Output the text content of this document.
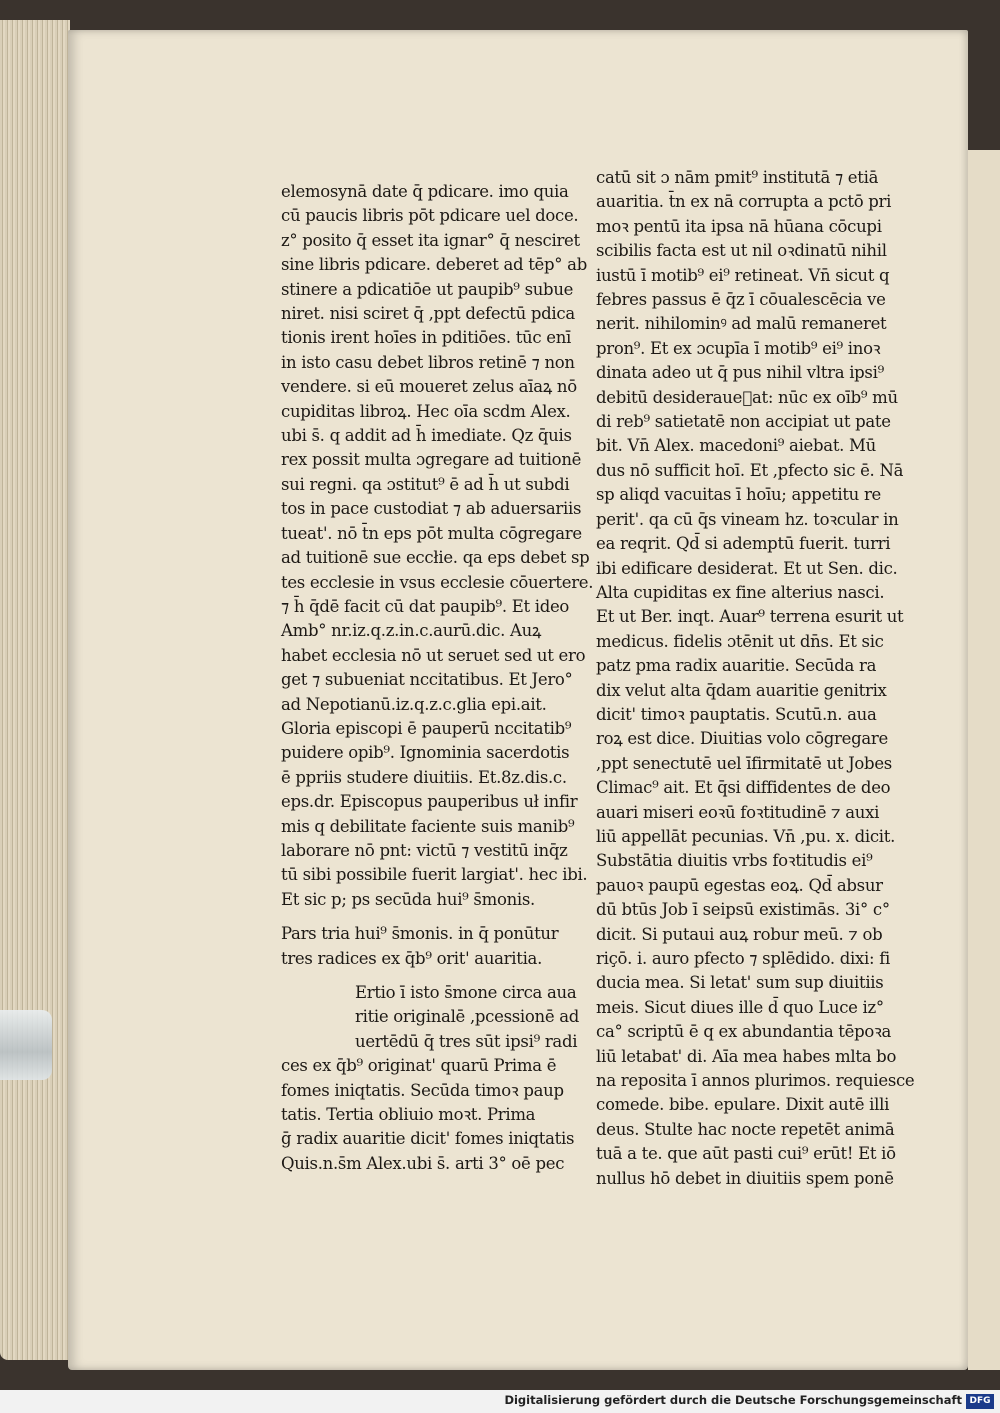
elemosynā date q̄ pdicare. imo quia
cū paucis libris pōt pdicare uel doce.
z° posito q̄ esset ita ignar° q̄ nesciret
sine libris pdicare. deberet ad tēp° ab
stinere a pdicatiōe ut paupib⁹ subue
niret. nisi sciret q̄ ,ppt defectū pdica
tionis irent hoīes in pditiōes. tūc enī
in isto casu debet libros retinē ⁊ non
vendere. si eū moueret zelus aīaꝝ nō
cupiditas libroꝝ. Hec oīa scdm Alex.
ubi s̄. q addit ad h̄ imediate. Qz q̄uis
rex possit multa ɔgregare ad tuitionē
sui regni. qa ɔstitut⁹ ē ad h̄ ut subdi
tos in pace custodiat ⁊ ab aduersariis
tueat'. nō t̄n eps pōt multa cōgregare
ad tuitionē sue eccłie. qa eps debet sp
tes ecclesie in vsus ecclesie cōuertere.
⁊ h̄ q̄dē facit cū dat paupib⁹. Et ideo
Amb° nr.iz.q.z.in.c.aurū.dic. Auꝝ
habet ecclesia nō ut seruet sed ut ero
get ⁊ subueniat nccitatibus. Et Jero°
ad Nepotianū.iz.q.z.c.glia epi.ait.
Gloria episcopi ē pauperū nccitatib⁹
puidere opib⁹. Ignominia sacerdotis
ē ppriis studere diuitiis. Et.8z.dis.c.
eps.dr. Episcopus pauperibus uł infir
mis q debilitate faciente suis manib⁹
laborare nō pnt: victū ⁊ vestitū inq̄z
tū sibi possibile fuerit largiat'. hec ibi.
Et sic p; ps secūda hui⁹ s̄monis.
Pars tria hui⁹ s̄monis. in q̄ ponūtur
tres radices ex q̄b⁹ orit' auaritia.
Ertio ī isto s̄mone circa aua
ritie originalē ,pcessionē ad
uertēdū q̄ tres sūt ipsi⁹ radi
ces ex q̄b⁹ originat' quarū Prima ē
fomes iniqtatis. Secūda timoꝛ paup
tatis. Tertia obliuio moꝛt. Prima
ḡ radix auaritie dicit' fomes iniqtatis
Quis.n.s̄m Alex.ubi s̄. arti 3° oē pec
catū sit ɔ nām pmit⁹ institutā ⁊ etiā
auaritia. t̄n ex nā corrupta a pctō pri
moꝛ pentū ita ipsa nā hūana cōcupi
scibilis facta est ut nil oꝛdinatū nihil
iustū ī motib⁹ ei⁹ retineat. Vn̄ sicut q
febres passus ē q̄z ī cōualescēcia ve
nerit. nihilominꝰ ad malū remaneret
pron⁹. Et ex ɔcupīa ī motib⁹ ei⁹ inoꝛ
dinata adeo ut q̄ pus nihil vltra ipsi⁹
debitū desideraueᷓat: nūc ex oīb⁹ mū
di reb⁹ satietatē non accipiat ut pate
bit. Vn̄ Alex. macedoni⁹ aiebat. Mū
dus nō sufficit hoī. Et ,pfecto sic ē. Nā
sp aliqd vacuitas ī hoīu; appetitu re
perit'. qa cū q̄s vineam hz. toꝛcular in
ea reqrit. Qd̄ si ademptū fuerit. turri
ibi edificare desiderat. Et ut Sen. dic.
Alta cupiditas ex fine alterius nasci.
Et ut Ber. inqt. Auar⁹ terrena esurit ut
medicus. fidelis ɔtēnit ut dn̄s. Et sic
patz pma radix auaritie. Secūda ra
dix velut alta q̄dam auaritie genitrix
dicit' timoꝛ pauptatis. Scutū.n. aua
roꝝ est dice. Diuitias volo cōgregare
,ppt senectutē uel īfirmitatē ut Jobes
Climac⁹ ait. Et q̄si diffidentes de deo
auari miseri eoꝛū foꝛtitudinē ⁊ auxi
liū appellāt pecunias. Vn̄ ,pu. x. dicit.
Substātia diuitis vrbs foꝛtitudis ei⁹
pauoꝛ paupū egestas eoꝝ. Qd̄ absur
dū btūs Job ī seipsū existimās. 3i° c°
dicit. Si putaui auꝝ robur meū. ⁊ ob
riçō. i. auro pfecto ⁊ splēdido. dixi: fi
ducia mea. Si letat' sum sup diuitiis
meis. Sicut diues ille d̄ quo Luce iz°
ca° scriptū ē q ex abundantia tēpoꝛa
liū letabat' di. Aīa mea habes mlta bo
na reposita ī annos plurimos. requiesce
comede. bibe. epulare. Dixit autē illi
deus. Stulte hac nocte repetēt animā
tuā a te. que aūt pasti cui⁹ erūt! Et iō
nullus hō debet in diuitiis spem ponē
Digitalisierung gefördert durch die Deutsche Forschungsgemeinschaft DFG
